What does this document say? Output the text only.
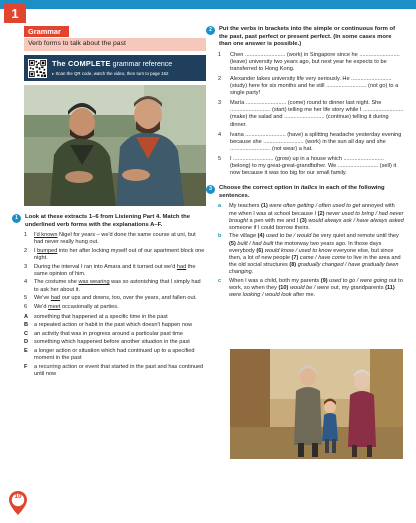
1
Grammar
Verb forms to talk about the past
The COMPLETE grammar reference
▸ Scan the QR code, watch the video, then turn to page 162
1	Look at these extracts 1–6 from Listening Part 4. Match the underlined verb forms with the explanations A–F.
1	I'd known Nigel for years – we'd done the same course at uni, but had never really hung out.
2	I bumped into her after locking myself out of our apartment block one night.
3	During the interval I ran into Amara and it turned out we'd had the same opinion of him.
4	The costume she was wearing was so astonishing that I simply had to ask her about it.
5	We've had our ups and downs, too, over the years, and fallen out.
6	We'd meet occasionally at parties.
A	something that happened at a specific time in the past
B	a repeated action or habit in the past which doesn't happen now
C	an activity that was in progress around a particular past time
D	something which happened before another situation in the past
E	a longer action or situation which had continued up to a specified moment in the past
F	a recurring action or event that started in the past and has continued until now
2	Put the verbs in brackets into the simple or continuous form of the past, past perfect or present perfect. (In some cases more than one answer is possible.)
1	Chen .......................... (work) in Singapore since he .......................... (leave) university two years ago, but next year he expects to be transferred to Hong Kong.
2	Alexander takes university life very seriously. He .......................... (study) here for six months and he still .......................... (not go) to a single party!
3	María .......................... (come) round to dinner last night. She .......................... (start) telling me her life story while I .......................... (make) the salad and .......................... (continue) telling it during dinner.
4	Ivana .......................... (have) a splitting headache yesterday evening because she .......................... (work) in the sun all day and she .......................... (not wear) a hat.
5	I .......................... (grow) up in a house which .......................... (belong) to my great-great-grandfather. We .......................... (sell) it now because it was too big for our small family.
3	Choose the correct option in italics in each of the following sentences.
a	My teachers (1) were often getting / often used to get annoyed with me when I was at school because I (2) never used to bring / had never brought a pen with me and I (3) would always ask / have always asked someone if I could borrow theirs.
b	The village (4) used to be / would be very quiet and remote until they (5) built / had built the motorway two years ago. In those days everybody (6) would know / used to know everyone else, but since then, a lot of new people (7) came / have come to live in the area and the old social structures (8) gradually changed / have gradually been changing.
c	When I was a child, both my parents (9) used to go / were going out to work, so when they (10) would be / were out, my grandparents (11) were looking / would look after me.
10
